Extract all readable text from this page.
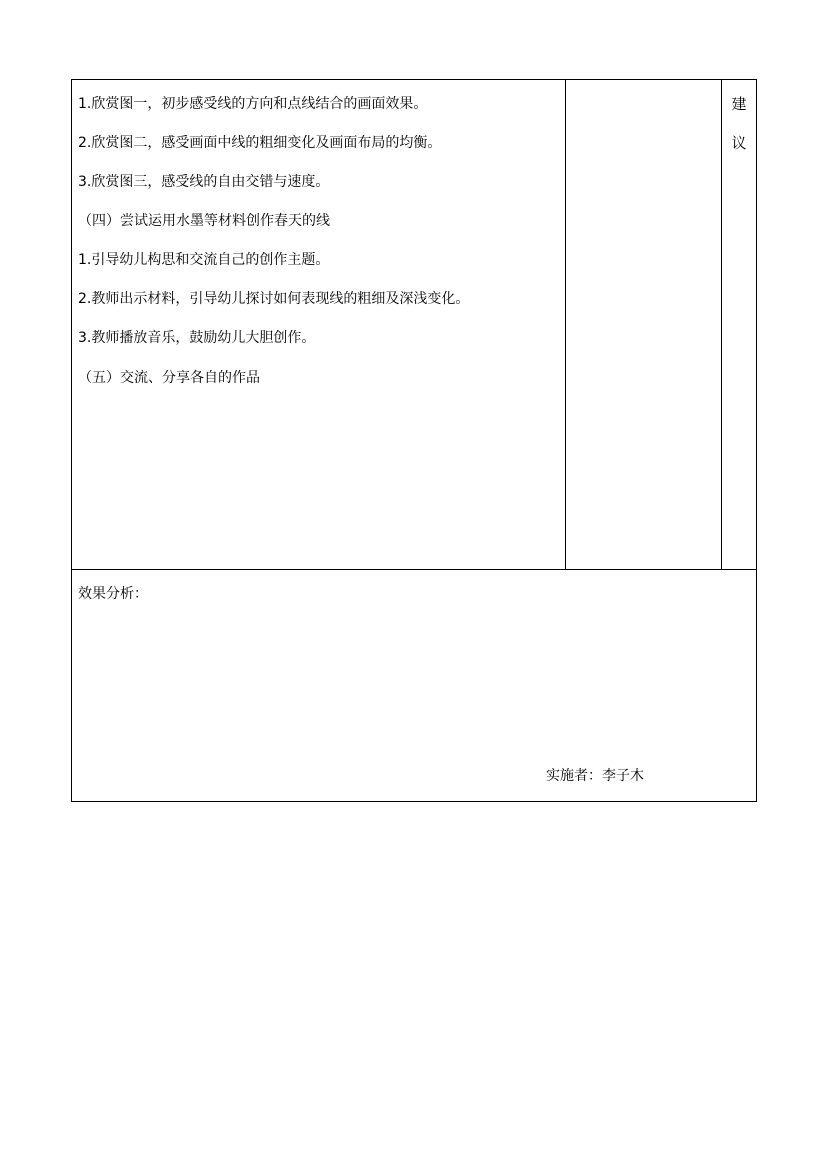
1.欣赏图一，初步感受线的方向和点线结合的画面效果。
2.欣赏图二，感受画面中线的粗细变化及画面布局的均衡。
3.欣赏图三，感受线的自由交错与速度。
（四）尝试运用水墨等材料创作春天的线
1.引导幼儿构思和交流自己的创作主题。
2.教师出示材料，引导幼儿探讨如何表现线的粗细及深浅变化。
3.教师播放音乐，鼓励幼儿大胆创作。
（五）交流、分享各自的作品
建
议
效果分析：
实施者：李子木
